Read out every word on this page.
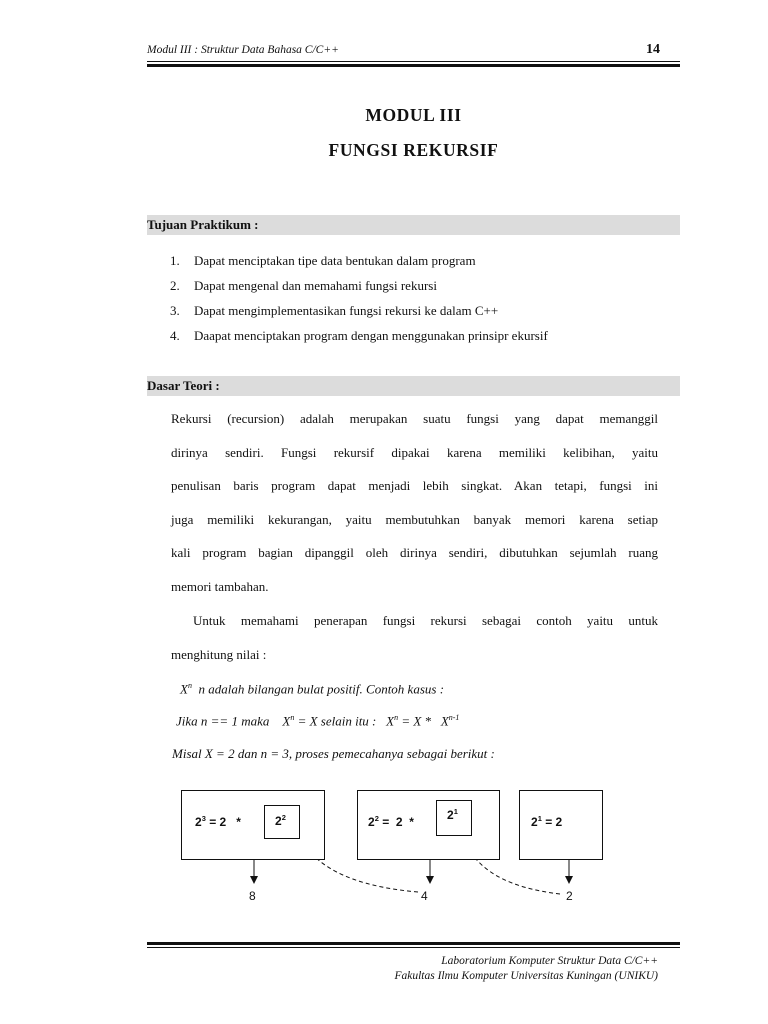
Modul III : Struktur Data Bahasa C/C++	14
MODUL III
FUNGSI REKURSIF
Tujuan Praktikum :
1. Dapat menciptakan tipe data bentukan dalam program
2. Dapat mengenal dan memahami fungsi rekursi
3. Dapat mengimplementasikan fungsi rekursi ke dalam C++
4. Daapat menciptakan program dengan menggunakan prinsipr ekursif
Dasar Teori :
Rekursi (recursion) adalah merupakan suatu fungsi yang dapat memanggil
dirinya sendiri. Fungsi rekursif dipakai karena memiliki kelibihan, yaitu
penulisan baris program dapat menjadi lebih singkat. Akan tetapi, fungsi ini
juga memiliki kekurangan, yaitu membutuhkan banyak memori karena setiap
kali program bagian dipanggil oleh dirinya sendiri, dibutuhkan sejumlah ruang
memori tambahan.
Untuk memahami penerapan fungsi rekursi sebagai contoh yaitu untuk
menghitung nilai :
$X^n$  n adalah bilangan bulat positif. Contoh kasus :
Jika n == 1 maka    $X^n = X$ selain itu :   $X^n = X * X^{n-1}$
Misal X = 2 dan n = 3, proses pemecahanya sebagai berikut :
$2^3 = 2$   *	$2^2$	$2^2 = 2$  *	$2^1$
$2^1 = 2$
8	4	2
Laboratorium Komputer Struktur Data C/C++
Fakultas Ilmu Komputer Universitas Kuningan (UNIKU)
